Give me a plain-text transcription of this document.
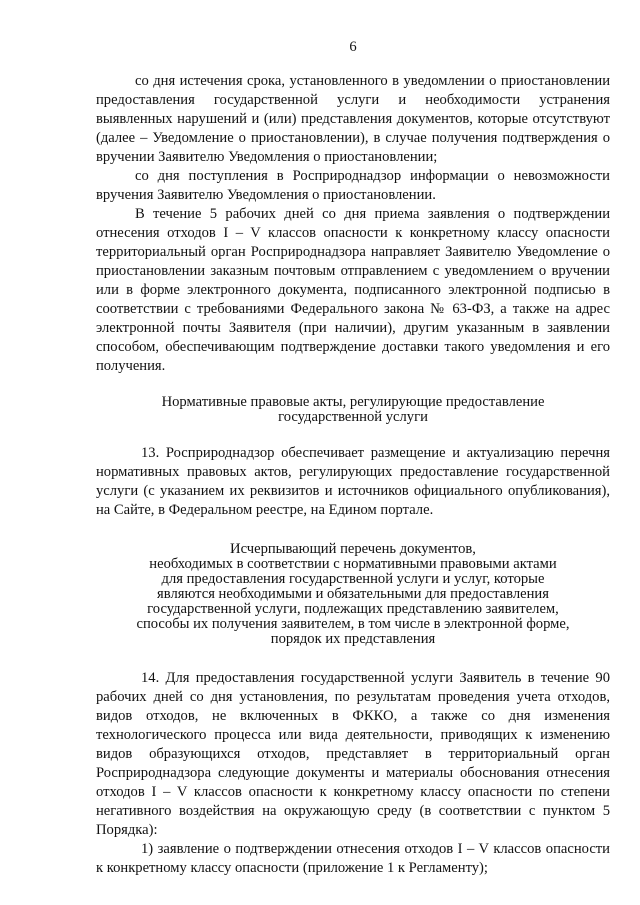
6

со дня истечения срока, установленного в уведомлении о приостановлении предоставления государственной услуги и необходимости устранения выявленных нарушений и (или) представления документов, которые отсутствуют (далее – Уведомление о приостановлении), в случае получения подтверждения о вручении Заявителю Уведомления о приостановлении;

со дня поступления в Росприроднадзор информации о невозможности вручения Заявителю Уведомления о приостановлении.

В течение 5 рабочих дней со дня приема заявления о подтверждении отнесения отходов I – V классов опасности к конкретному классу опасности территориальный орган Росприроднадзора направляет Заявителю Уведомление о приостановлении заказным почтовым отправлением с уведомлением о вручении или в форме электронного документа, подписанного электронной подписью в соответствии с требованиями Федерального закона № 63-ФЗ, а также на адрес электронной почты Заявителя (при наличии), другим указанным в заявлении способом, обеспечивающим подтверждение доставки такого уведомления и его получения.

Нормативные правовые акты, регулирующие предоставление

государственной услуги

13. Росприроднадзор обеспечивает размещение и актуализацию перечня нормативных правовых актов, регулирующих предоставление государственной услуги (с указанием их реквизитов и источников официального опубликования), на Сайте, в Федеральном реестре, на Едином портале.

Исчерпывающий перечень документов,

необходимых в соответствии с нормативными правовыми актами

для предоставления государственной услуги и услуг, которые

являются необходимыми и обязательными для предоставления

государственной услуги, подлежащих представлению заявителем,

способы их получения заявителем, в том числе в электронной форме,

порядок их представления

14. Для предоставления государственной услуги Заявитель в течение 90 рабочих дней со дня установления, по результатам проведения учета отходов, видов отходов, не включенных в ФККО, а также со дня изменения технологического процесса или вида деятельности, приводящих к изменению видов образующихся отходов, представляет в территориальный орган Росприроднадзора следующие документы и материалы обоснования отнесения отходов I – V классов опасности к конкретному классу опасности по степени негативного воздействия на окружающую среду (в соответствии с пунктом 5 Порядка):

1) заявление о подтверждении отнесения отходов I – V классов опасности к конкретному классу опасности (приложение 1 к Регламенту);
